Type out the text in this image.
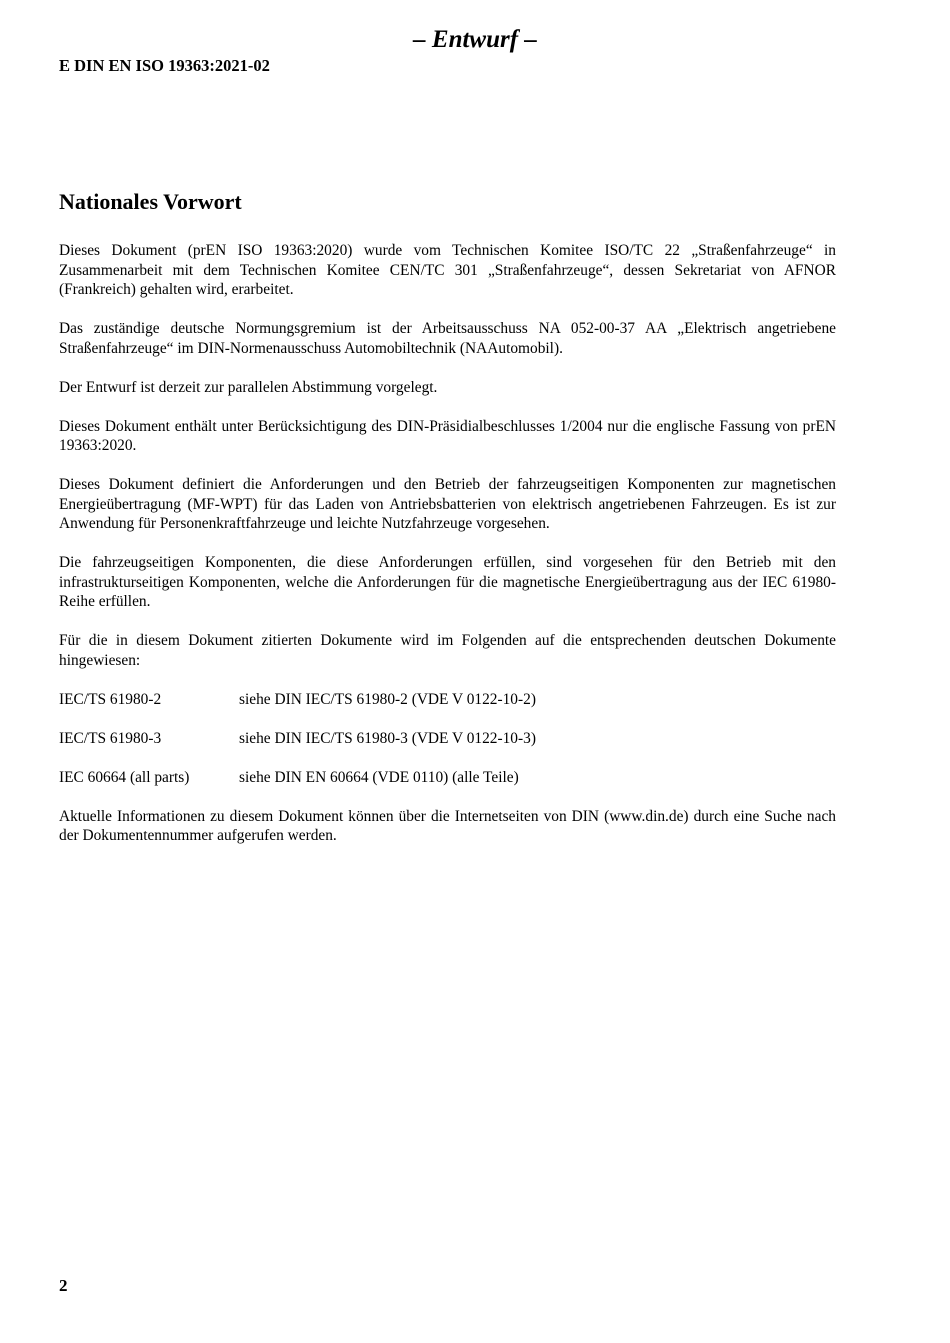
– Entwurf –
E DIN EN ISO 19363:2021-02
Nationales Vorwort

Dieses Dokument (prEN ISO 19363:2020) wurde vom Technischen Komitee ISO/TC 22 „Straßenfahrzeuge“ in Zusammenarbeit mit dem Technischen Komitee CEN/TC 301 „Straßenfahrzeuge“, dessen Sekretariat von AFNOR (Frankreich) gehalten wird, erarbeitet.

Das zuständige deutsche Normungsgremium ist der Arbeitsausschuss NA 052-00-37 AA „Elektrisch angetriebene Straßenfahrzeuge“ im DIN-Normenausschuss Automobiltechnik (NAAutomobil).

Der Entwurf ist derzeit zur parallelen Abstimmung vorgelegt.

Dieses Dokument enthält unter Berücksichtigung des DIN-Präsidialbeschlusses 1/2004 nur die englische Fassung von prEN 19363:2020.

Dieses Dokument definiert die Anforderungen und den Betrieb der fahrzeugseitigen Komponenten zur magnetischen Energieübertragung (MF-WPT) für das Laden von Antriebsbatterien von elektrisch angetriebenen Fahrzeugen. Es ist zur Anwendung für Personenkraftfahrzeuge und leichte Nutzfahrzeuge vorgesehen.

Die fahrzeugseitigen Komponenten, die diese Anforderungen erfüllen, sind vorgesehen für den Betrieb mit den infrastrukturseitigen Komponenten, welche die Anforderungen für die magnetische Energieübertragung aus der IEC 61980-Reihe erfüllen.

Für die in diesem Dokument zitierten Dokumente wird im Folgenden auf die entsprechenden deutschen Dokumente hingewiesen:

IEC/TS 61980-2	siehe DIN IEC/TS 61980-2 (VDE V 0122-10-2)
IEC/TS 61980-3	siehe DIN IEC/TS 61980-3 (VDE V 0122-10-3)
IEC 60664 (all parts)	siehe DIN EN 60664 (VDE 0110) (alle Teile)

Aktuelle Informationen zu diesem Dokument können über die Internetseiten von DIN (www.din.de) durch eine Suche nach der Dokumentennummer aufgerufen werden.

2
